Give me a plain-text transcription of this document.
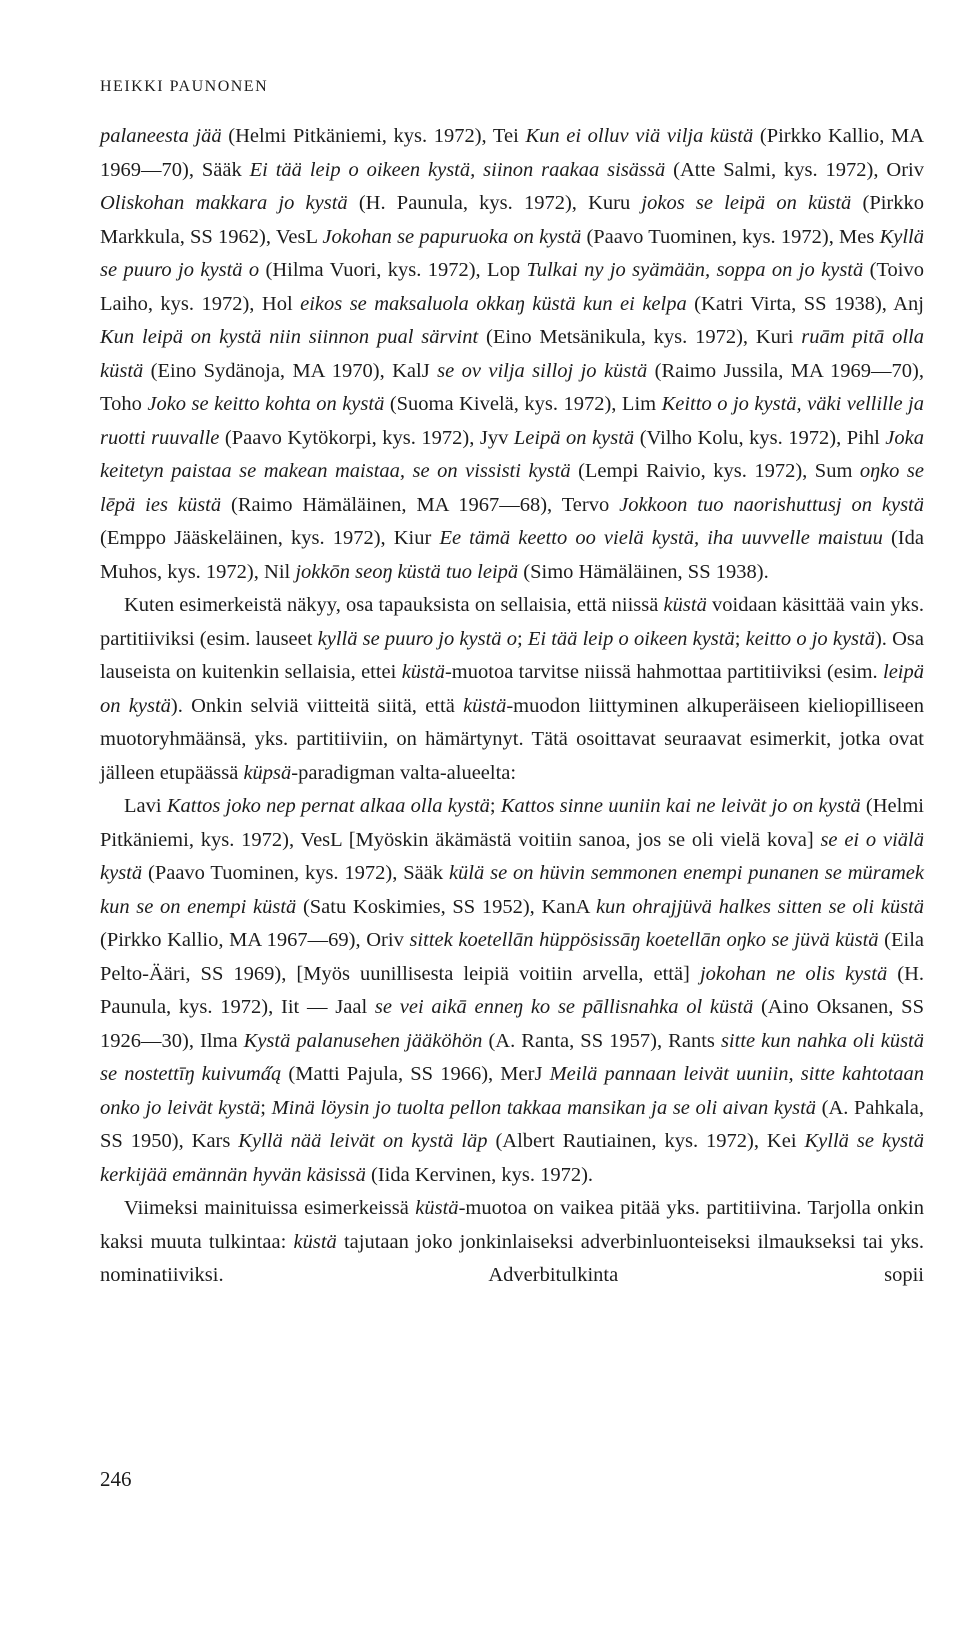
HEIKKI PAUNONEN

palaneesta jää (Helmi Pitkäniemi, kys. 1972), Tei Kun ei olluv viä vilja küstä (Pirkko Kallio, MA 1969—70), Sääk Ei tää leip o oikeen kystä, siinon raakaa sisässä (Atte Salmi, kys. 1972), Oriv Oliskohan makkara jo kystä (H. Paunula, kys. 1972), Kuru jokos se leipä on küstä (Pirkko Markkula, SS 1962), VesL Jokohan se papuruoka on kystä (Paavo Tuominen, kys. 1972), Mes Kyllä se puuro jo kystä o (Hilma Vuori, kys. 1972), Lop Tulkai ny jo syämään, soppa on jo kystä (Toivo Laiho, kys. 1972), Hol eikos se maksaluola okkaŋ küstä kun ei kelpa (Katri Virta, SS 1938), Anj Kun leipä on kystä niin siinnon pual särvint (Eino Metsänikula, kys. 1972), Kuri ruām pitā olla küstä (Eino Sydänoja, MA 1970), KalJ se ov vilja silloj jo küstä (Raimo Jussila, MA 1969—70), Toho Joko se keitto kohta on kystä (Suoma Kivelä, kys. 1972), Lim Keitto o jo kystä, väki vellille ja ruotti ruuvalle (Paavo Kytökorpi, kys. 1972), Jyv Leipä on kystä (Vilho Kolu, kys. 1972), Pihl Joka keitetyn paistaa se makean maistaa, se on vissisti kystä (Lempi Raivio, kys. 1972), Sum oŋko se lēpä ies küstä (Raimo Hämäläinen, MA 1967—68), Tervo Jokkoon tuo naorishuttusj on kystä (Emppo Jääskeläinen, kys. 1972), Kiur Ee tämä keetto oo vielä kystä, iha uuvvelle maistuu (Ida Muhos, kys. 1972), Nil jokkōn seoŋ küstä tuo leipä (Simo Hämäläinen, SS 1938).

Kuten esimerkeistä näkyy, osa tapauksista on sellaisia, että niissä küstä voidaan käsittää vain yks. partitiiviksi (esim. lauseet kyllä se puuro jo kystä o; Ei tää leip o oikeen kystä; keitto o jo kystä). Osa lauseista on kuitenkin sellaisia, ettei küstä-muotoa tarvitse niissä hahmottaa partitiiviksi (esim. leipä on kystä). Onkin selviä viitteitä siitä, että küstä-muodon liittyminen alkuperäiseen kieliopilliseen muotoryhmäänsä, yks. partitiiviin, on hämärtynyt. Tätä osoittavat seuraavat esimerkit, jotka ovat jälleen etupäässä küpsä-paradigman valta-alueelta:

Lavi Kattos joko nep pernat alkaa olla kystä; Kattos sinne uuniin kai ne leivät jo on kystä (Helmi Pitkäniemi, kys. 1972), VesL [Myöskin äkämästä voitiin sanoa, jos se oli vielä kova] se ei o viälä kystä (Paavo Tuominen, kys. 1972), Sääk külä se on hüvin semmonen enempi punanen se müramek kun se on enempi küstä (Satu Koskimies, SS 1952), KanA kun ohrajjüvä halkes sitten se oli küstä (Pirkko Kallio, MA 1967—69), Oriv sittek koetellān hüppösissāŋ koetellān oŋko se jüvä küstä (Eila Pelto-Ääri, SS 1969), [Myös uunillisesta leipiä voitiin arvella, että] jokohan ne olis kystä (H. Paunula, kys. 1972), Iit — Jaal se vei aikā enneŋ ko se pāllisnahka ol küstä (Aino Oksanen, SS 1926—30), Ilma Kystä palanusehen jääköhön (A. Ranta, SS 1957), Rants sitte kun nahka oli küstä se nostettīŋ kuivuma̋ą (Matti Pajula, SS 1966), MerJ Meilä pannaan leivät uuniin, sitte kahtotaan onko jo leivät kystä; Minä löysin jo tuolta pellon takkaa mansikan ja se oli aivan kystä (A. Pahkala, SS 1950), Kars Kyllä nää leivät on kystä läp (Albert Rautiainen, kys. 1972), Kei Kyllä se kystä kerkijää emännän hyvän käsissä (Iida Kervinen, kys. 1972).

Viimeksi mainituissa esimerkeissä küstä-muotoa on vaikea pitää yks. partitiivina. Tarjolla onkin kaksi muuta tulkintaa: küstä tajutaan joko jonkinlaiseksi adverbinluonteiseksi ilmaukseksi tai yks. nominatiiviksi. Adverbitulkinta sopii

246
